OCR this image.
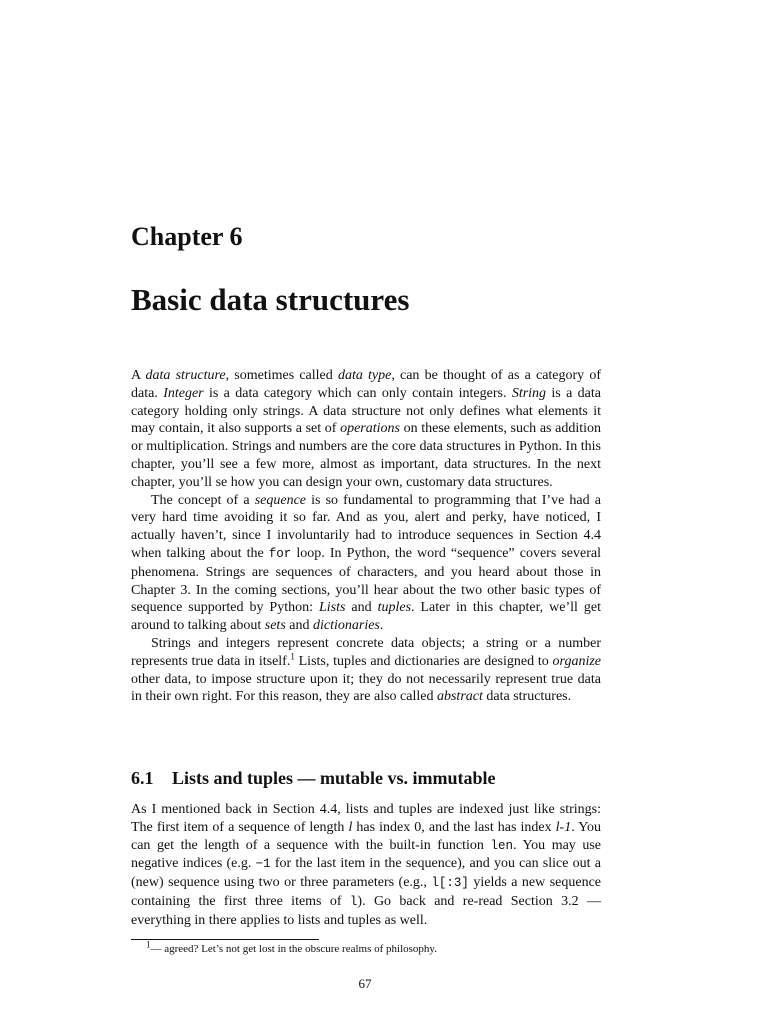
Chapter 6
Basic data structures

A data structure, sometimes called data type, can be thought of as a category of data. Integer is a data category which can only contain integers. String is a data category holding only strings. A data structure not only defines what elements it may contain, it also supports a set of operations on these elements, such as addition or multiplication. Strings and numbers are the core data structures in Python. In this chapter, you’ll see a few more, almost as important, data structures. In the next chapter, you’ll se how you can design your own, customary data structures.

The concept of a sequence is so fundamental to programming that I’ve had a very hard time avoiding it so far. And as you, alert and perky, have noticed, I actually haven’t, since I involuntarily had to introduce sequences in Section 4.4 when talking about the for loop. In Python, the word “sequence” covers several phenomena. Strings are sequences of characters, and you heard about those in Chapter 3. In the coming sections, you’ll hear about the two other basic types of sequence supported by Python: Lists and tuples. Later in this chapter, we’ll get around to talking about sets and dictionaries.

Strings and integers represent concrete data objects; a string or a number represents true data in itself.$^1$ Lists, tuples and dictionaries are designed to organize other data, to impose structure upon it; they do not necessarily represent true data in their own right. For this reason, they are also called abstract data structures.

6.1 Lists and tuples — mutable vs. immutable

As I mentioned back in Section 4.4, lists and tuples are indexed just like strings: The first item of a sequence of length l has index 0, and the last has index l-1. You can get the length of a sequence with the built-in function len. You may use negative indices (e.g. −1 for the last item in the sequence), and you can slice out a (new) sequence using two or three parameters (e.g., l[:3] yields a new sequence containing the first three items of l). Go back and re-read Section 3.2 — everything in there applies to lists and tuples as well.

$^1$— agreed? Let’s not get lost in the obscure realms of philosophy.

67
